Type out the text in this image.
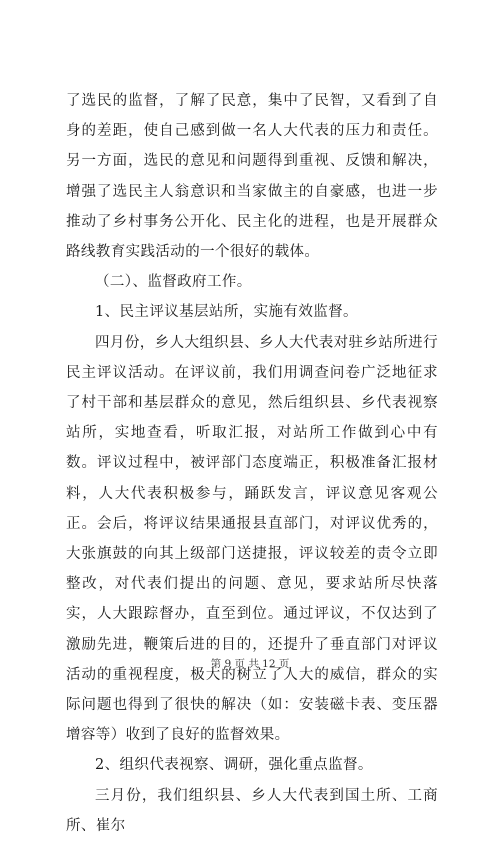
了选民的监督，了解了民意，集中了民智，又看到了自身的差距，使自己感到做一名人大代表的压力和责任。另一方面，选民的意见和问题得到重视、反馈和解决，增强了选民主人翁意识和当家做主的自豪感，也进一步推动了乡村事务公开化、民主化的进程，也是开展群众路线教育实践活动的一个很好的载体。

（二）、监督政府工作。

1、民主评议基层站所，实施有效监督。

四月份，乡人大组织县、乡人大代表对驻乡站所进行民主评议活动。在评议前，我们用调查问卷广泛地征求了村干部和基层群众的意见，然后组织县、乡代表视察站所，实地查看，听取汇报，对站所工作做到心中有数。评议过程中，被评部门态度端正，积极准备汇报材料，人大代表积极参与，踊跃发言，评议意见客观公正。会后，将评议结果通报县直部门，对评议优秀的，大张旗鼓的向其上级部门送捷报，评议较差的责令立即整改，对代表们提出的问题、意见，要求站所尽快落实，人大跟踪督办，直至到位。通过评议，不仅达到了激励先进，鞭策后进的目的，还提升了垂直部门对评议活动的重视程度，极大的树立了人大的威信，群众的实际问题也得到了很快的解决（如：安装磁卡表、变压器增容等）收到了良好的监督效果。

2、组织代表视察、调研，强化重点监督。

三月份，我们组织县、乡人大代表到国土所、工商所、崔尔

第 9 页 共 12 页
